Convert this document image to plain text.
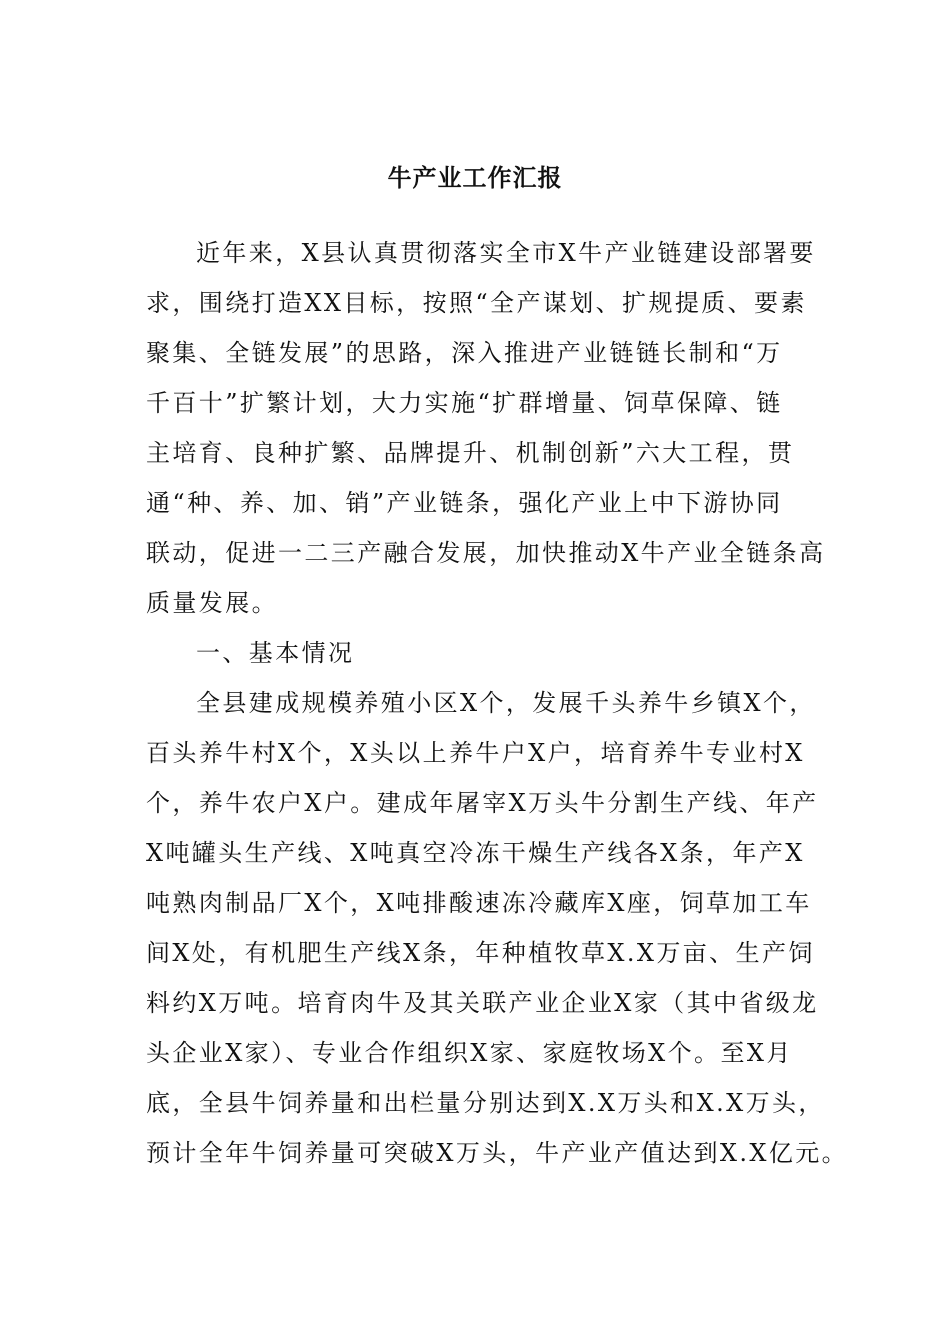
牛产业工作汇报
近年来，X县认真贯彻落实全市X牛产业链建设部署要
求，围绕打造XX目标，按照“全产谋划、扩规提质、要素
聚集、全链发展”的思路，深入推进产业链链长制和“万
千百十”扩繁计划，大力实施“扩群增量、饲草保障、链
主培育、良种扩繁、品牌提升、机制创新”六大工程，贯
通“种、养、加、销”产业链条，强化产业上中下游协同
联动，促进一二三产融合发展，加快推动X牛产业全链条高
质量发展。
一、基本情况
全县建成规模养殖小区X个，发展千头养牛乡镇X个，
百头养牛村X个，X头以上养牛户X户，培育养牛专业村X
个，养牛农户X户。建成年屠宰X万头牛分割生产线、年产
X吨罐头生产线、X吨真空冷冻干燥生产线各X条，年产X
吨熟肉制品厂X个，X吨排酸速冻冷藏库X座，饲草加工车
间X处，有机肥生产线X条，年种植牧草X.X万亩、生产饲
料约X万吨。培育肉牛及其关联产业企业X家（其中省级龙
头企业X家）、专业合作组织X家、家庭牧场X个。至X月
底，全县牛饲养量和出栏量分别达到X.X万头和X.X万头，
预计全年牛饲养量可突破X万头，牛产业产值达到X.X亿元。
